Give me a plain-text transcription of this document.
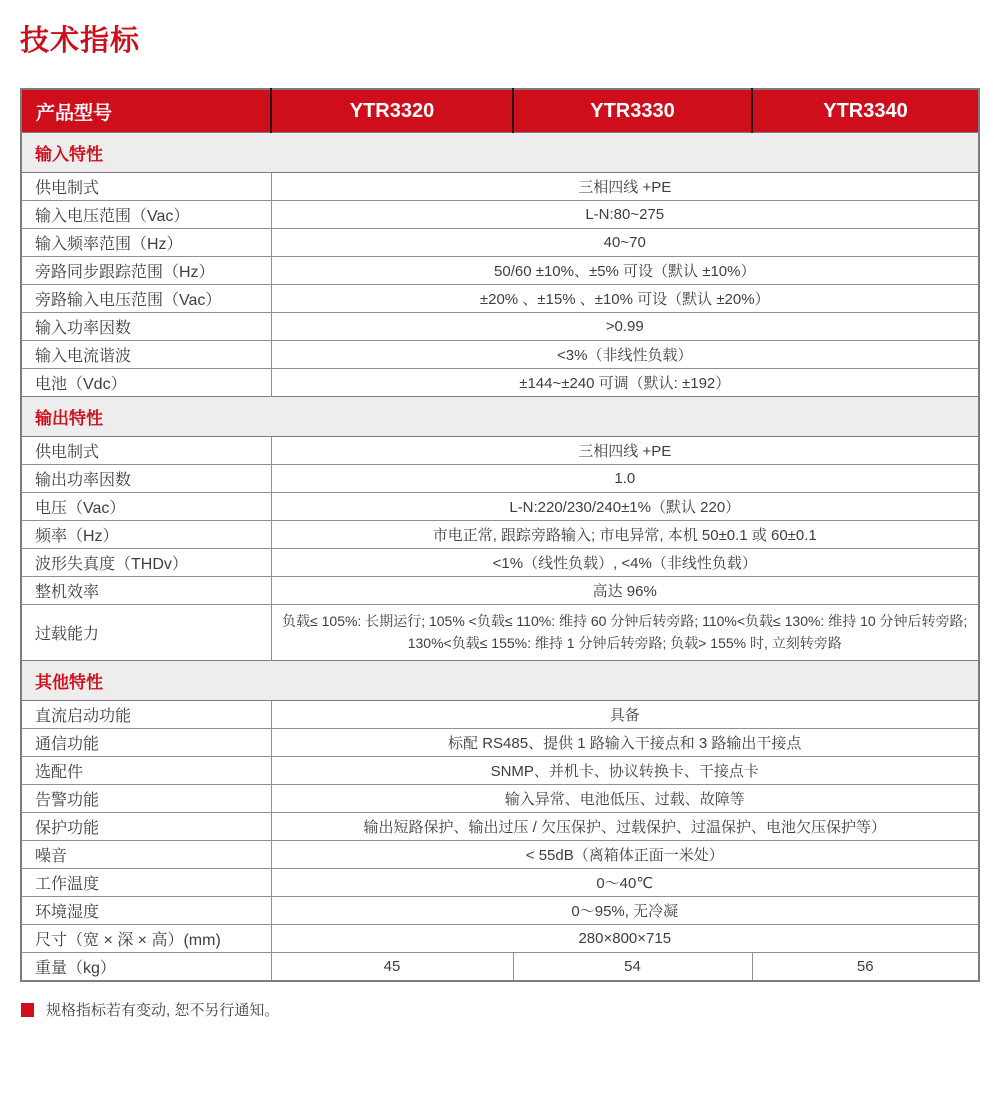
技术指标
产品型号	YTR3320	YTR3330	YTR3340
输入特性			
供电制式	三相四线 +PE		
输入电压范围（Vac）	L-N:80~275		
输入频率范围（Hz）	40~70		
旁路同步跟踪范围（Hz）	50/60 ±10%、±5% 可设（默认 ±10%）		
旁路输入电压范围（Vac）	±20% 、±15% 、±10% 可设（默认 ±20%）		
输入功率因数	>0.99		
输入电流谐波	<3%（非线性负载）		
电池（Vdc）	±144~±240 可调（默认: ±192）		
输出特性			
供电制式	三相四线 +PE		
输出功率因数	1.0		
电压（Vac）	L-N:220/230/240±1%（默认 220）		
频率（Hz）	市电正常, 跟踪旁路输入; 市电异常, 本机 50±0.1 或 60±0.1		
波形失真度（THDv）	<1%（线性负载）, <4%（非线性负载）		
整机效率	高达 96%		
过载能力	负载≤ 105%: 长期运行; 105% <负载≤ 110%: 维持 60 分钟后转旁路; 110%<负载≤ 130%: 维持 10 分钟后转旁路; 130%<负载≤ 155%: 维持 1 分钟后转旁路; 负载> 155% 时, 立刻转旁路		
其他特性			
直流启动功能	具备		
通信功能	标配 RS485、提供 1 路输入干接点和 3 路输出干接点		
选配件	SNMP、并机卡、协议转换卡、干接点卡		
告警功能	输入异常、电池低压、过载、故障等		
保护功能	输出短路保护、输出过压 / 欠压保护、过载保护、过温保护、电池欠压保护等）		
噪音	< 55dB（离箱体正面一米处）		
工作温度	0～40℃		
环境湿度	0～95%, 无冷凝		
尺寸（宽 × 深 × 高）(mm)	280×800×715		
重量（kg）	45	54	56
规格指标若有变动, 恕不另行通知。
